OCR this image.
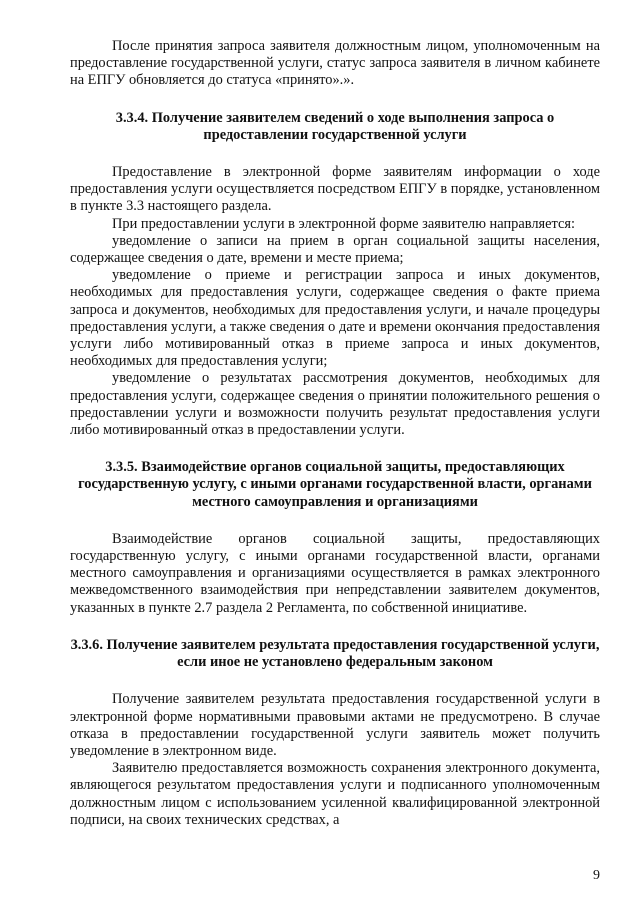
После принятия запроса заявителя должностным лицом, уполномоченным на предоставление государственной услуги, статус запроса заявителя в личном кабинете на ЕПГУ обновляется до статуса «принято».».

3.3.4. Получение заявителем сведений о ходе выполнения запроса о предоставлении государственной услуги

Предоставление в электронной форме заявителям информации о ходе предоставления услуги осуществляется посредством ЕПГУ в порядке, установленном в пункте 3.3 настоящего раздела.

При предоставлении услуги в электронной форме заявителю направляется:

уведомление о записи на прием в орган социальной защиты населения, содержащее сведения о дате, времени и месте приема;

уведомление о приеме и регистрации запроса и иных документов, необходимых для предоставления услуги, содержащее сведения о факте приема запроса и документов, необходимых для предоставления услуги, и начале процедуры предоставления услуги, а также сведения о дате и времени окончания предоставления услуги либо мотивированный отказ в приеме запроса и иных документов, необходимых для предоставления услуги;

уведомление о результатах рассмотрения документов, необходимых для предоставления услуги, содержащее сведения о принятии положительного решения о предоставлении услуги и возможности получить результат предоставления услуги либо мотивированный отказ в предоставлении услуги.

3.3.5. Взаимодействие органов социальной защиты, предоставляющих государственную услугу, с иными органами государственной власти, органами местного самоуправления и организациями

Взаимодействие органов социальной защиты, предоставляющих государственную услугу, с иными органами государственной власти, органами местного самоуправления и организациями осуществляется в рамках электронного межведомственного взаимодействия при непредставлении заявителем документов, указанных в пункте 2.7 раздела 2 Регламента, по собственной инициативе.

3.3.6. Получение заявителем результата предоставления государственной услуги, если иное не установлено федеральным законом

Получение заявителем результата предоставления государственной услуги в электронной форме нормативными правовыми актами не предусмотрено. В случае отказа в предоставлении государственной услуги заявитель может получить уведомление в электронном виде.

Заявителю предоставляется возможность сохранения электронного документа, являющегося результатом предоставления услуги и подписанного уполномоченным должностным лицом с использованием усиленной квалифицированной электронной подписи, на своих технических средствах, а

9
